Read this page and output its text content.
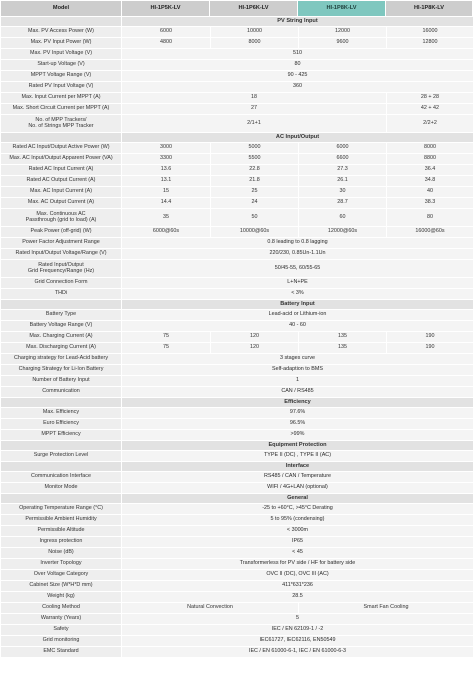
Model	HI-1P5K-LV	HI-1P6K-LV	HI-1P8K-LV	HI-1P8K-LV
PV String Input
Max. PV Access Power (W)	6000	10000	12000	16000
Max. PV Input Power (W)	4800	8000	9600	12800
Max. PV Input Voltage (V)	510
Start-up Voltage (V)	80
MPPT Voltage Range (V)	90 - 425
Rated PV Input Voltage (V)	360
Max. Input Current per MPPT (A)	18	28 + 28
Max. Short Circuit Current per MPPT (A)	27	42 + 42
No. of MPP Trackers/
No. of Strings MPP Tracker	2/1+1	2/2+2
AC Input/Output
Rated AC Input/Output Active Power (W)	3000	5000	6000	8000
Max. AC Input/Output Apparent Power (VA)	3300	5500	6600	8800
Rated AC Input Current (A)	13.6	22.8	27.3	36.4
Rated AC Output Current (A)	13.1	21.8	26.1	34.8
Max. AC Input Current (A)	15	25	30	40
Max. AC Output Current (A)	14.4	24	28.7	38.3
Max. Continuous AC
Passthrough (grid to load) (A)	35	50	60	80
Peak Power (off-grid) (W)	6000@60s	10000@60s	12000@60s	16000@60s
Power Factor Adjustment Range	0.8 leading to 0.8 lagging
Rated Input/Output Voltage/Range (V)	220/230, 0.85Un-1.1Un
Rated Input/Output
Grid Frequency/Range (Hz)	50/45-55, 60/55-65
Grid Connection Form	L+N+PE
THDi	< 3%
Battery Input
Battery Type	Lead-acid or Lithium-ion
Battery Voltage Range (V)	40 - 60
Max. Charging Current (A)	75	120	135	190
Max. Discharging Current (A)	75	120	135	190
Charging strategy for Lead-Acid battery	3 stages curve
Charging Strategy for Li-Ion Battery	Self-adaption to BMS
Number of Battery Input	1
Communication	CAN / RS485
Efficiency
Max. Efficiency	97.6%
Euro Efficiency	96.5%
MPPT Efficiency	>99%
Equipment Protection
Surge Protection Level	TYPE II (DC) , TYPE II (AC)
Interface
Communication Interface	RS485 / CAN / Temperature
Monitor Mode	WIFI / 4G+LAN (optional)
General
Operating Temperature Range (°C)	-25 to +60°C, >45°C Derating
Permissible Ambient Humidity	5 to 95% (condensing)
Permissible Altitude	< 3000m
Ingress protection	IP65
Noise (dB)	< 45
Inverter Topology	Transformerless for PV side / HF for battery side
Over Voltage Category	OVC II (DC), OVC III (AC)
Cabinet Size (W*H*D mm)	411*631*236
Weight (kg)	28.5
Cooling Method	Natural Convection	Smart Fan Cooling
Warranty (Years)	5
Safety	IEC / EN 62109-1 / -2
Grid monitoring	IEC61727, IEC62116, EN50549
EMC Standard	IEC / EN 61000-6-1, IEC / EN 61000-6-3
